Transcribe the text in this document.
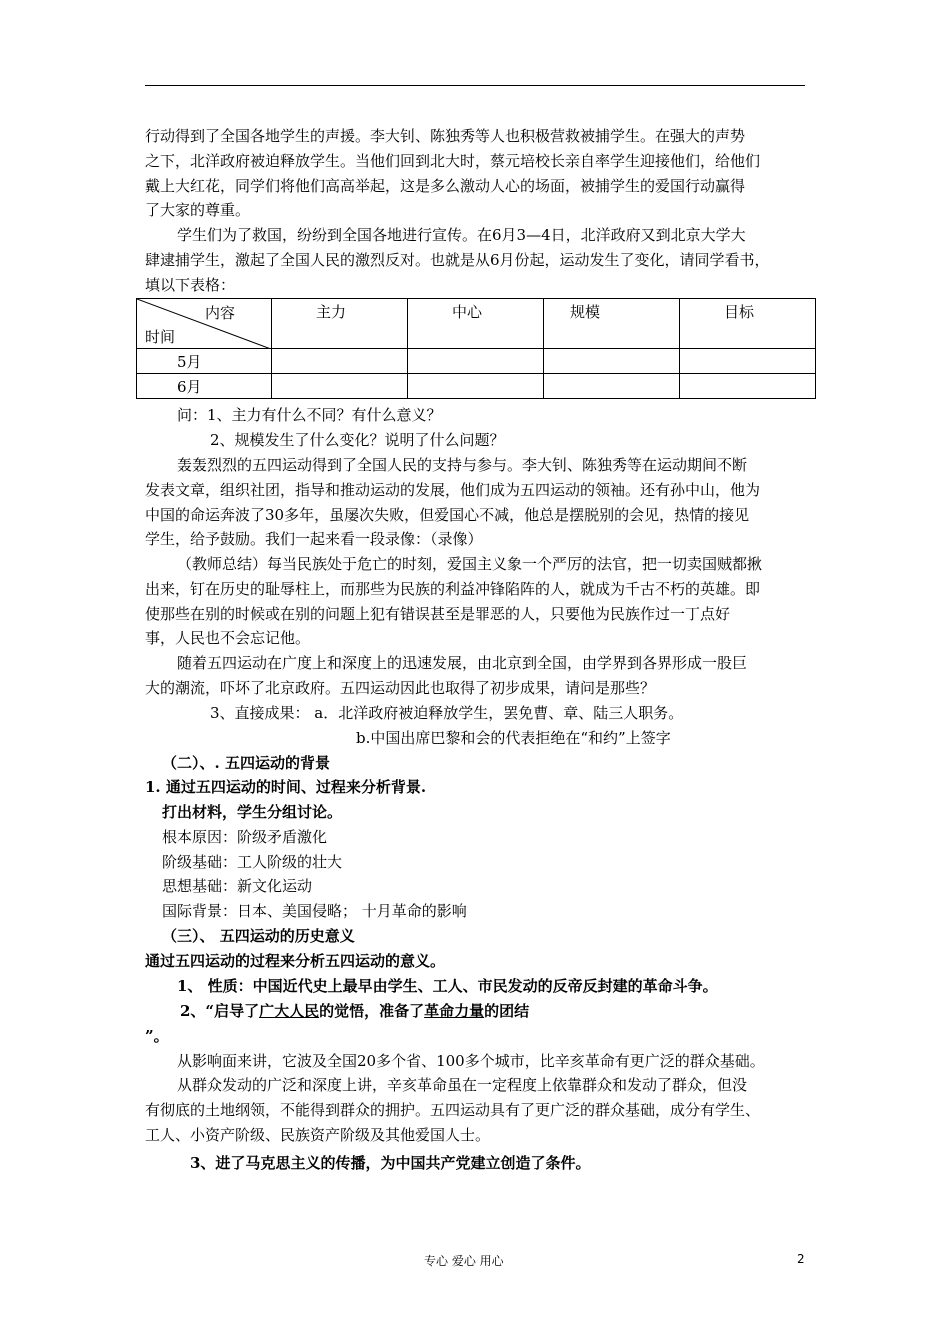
行动得到了全国各地学生的声援。李大钊、陈独秀等人也积极营救被捕学生。在强大的声势
之下，北洋政府被迫释放学生。当他们回到北大时，蔡元培校长亲自率学生迎接他们，给他们
戴上大红花，同学们将他们高高举起，这是多么激动人心的场面，被捕学生的爱国行动赢得
了大家的尊重。
学生们为了救国，纷纷到全国各地进行宣传。在6月3—4日，北洋政府又到北京大学大
肆逮捕学生，激起了全国人民的激烈反对。也就是从6月份起，运动发生了变化，请同学看书，
填以下表格：
内容
时间	主力	中心	规模	目标
5月				
6月				
问：1、主力有什么不同？有什么意义？
2、规模发生了什么变化？说明了什么问题？
轰轰烈烈的五四运动得到了全国人民的支持与参与。李大钊、陈独秀等在运动期间不断
发表文章，组织社团，指导和推动运动的发展，他们成为五四运动的领袖。还有孙中山，他为
中国的命运奔波了30多年，虽屡次失败，但爱国心不减，他总是摆脱别的会见，热情的接见
学生，给予鼓励。我们一起来看一段录像：（录像）
（教师总结）每当民族处于危亡的时刻，爱国主义象一个严厉的法官，把一切卖国贼都揪
出来，钉在历史的耻辱柱上，而那些为民族的利益冲锋陷阵的人，就成为千古不朽的英雄。即
使那些在别的时候或在别的问题上犯有错误甚至是罪恶的人，只要他为民族作过一丁点好
事，人民也不会忘记他。
随着五四运动在广度上和深度上的迅速发展，由北京到全国，由学界到各界形成一股巨
大的潮流，吓坏了北京政府。五四运动因此也取得了初步成果，请问是那些？
3、直接成果： a．北洋政府被迫释放学生，罢免曹、章、陆三人职务。
b.中国出席巴黎和会的代表拒绝在“和约”上签字
（二）、. 五四运动的背景
1. 通过五四运动的时间、过程来分析背景.
打出材料，学生分组讨论。
根本原因：阶级矛盾激化
阶级基础：工人阶级的壮大
思想基础：新文化运动
国际背景：日本、美国侵略； 十月革命的影响
（三）、 五四运动的历史意义
通过五四运动的过程来分析五四运动的意义。
1、 性质：中国近代史上最早由学生、工人、市民发动的反帝反封建的革命斗争。
2、“启导了广大人民的觉悟，准备了革命力量的团结
”。
从影响面来讲，它波及全国20多个省、100多个城市，比辛亥革命有更广泛的群众基础。
从群众发动的广泛和深度上讲，辛亥革命虽在一定程度上依靠群众和发动了群众，但没
有彻底的土地纲领，不能得到群众的拥护。五四运动具有了更广泛的群众基础，成分有学生、
工人、小资产阶级、民族资产阶级及其他爱国人士。
3、进了马克思主义的传播，为中国共产党建立创造了条件。
专心 爱心 用心	2
